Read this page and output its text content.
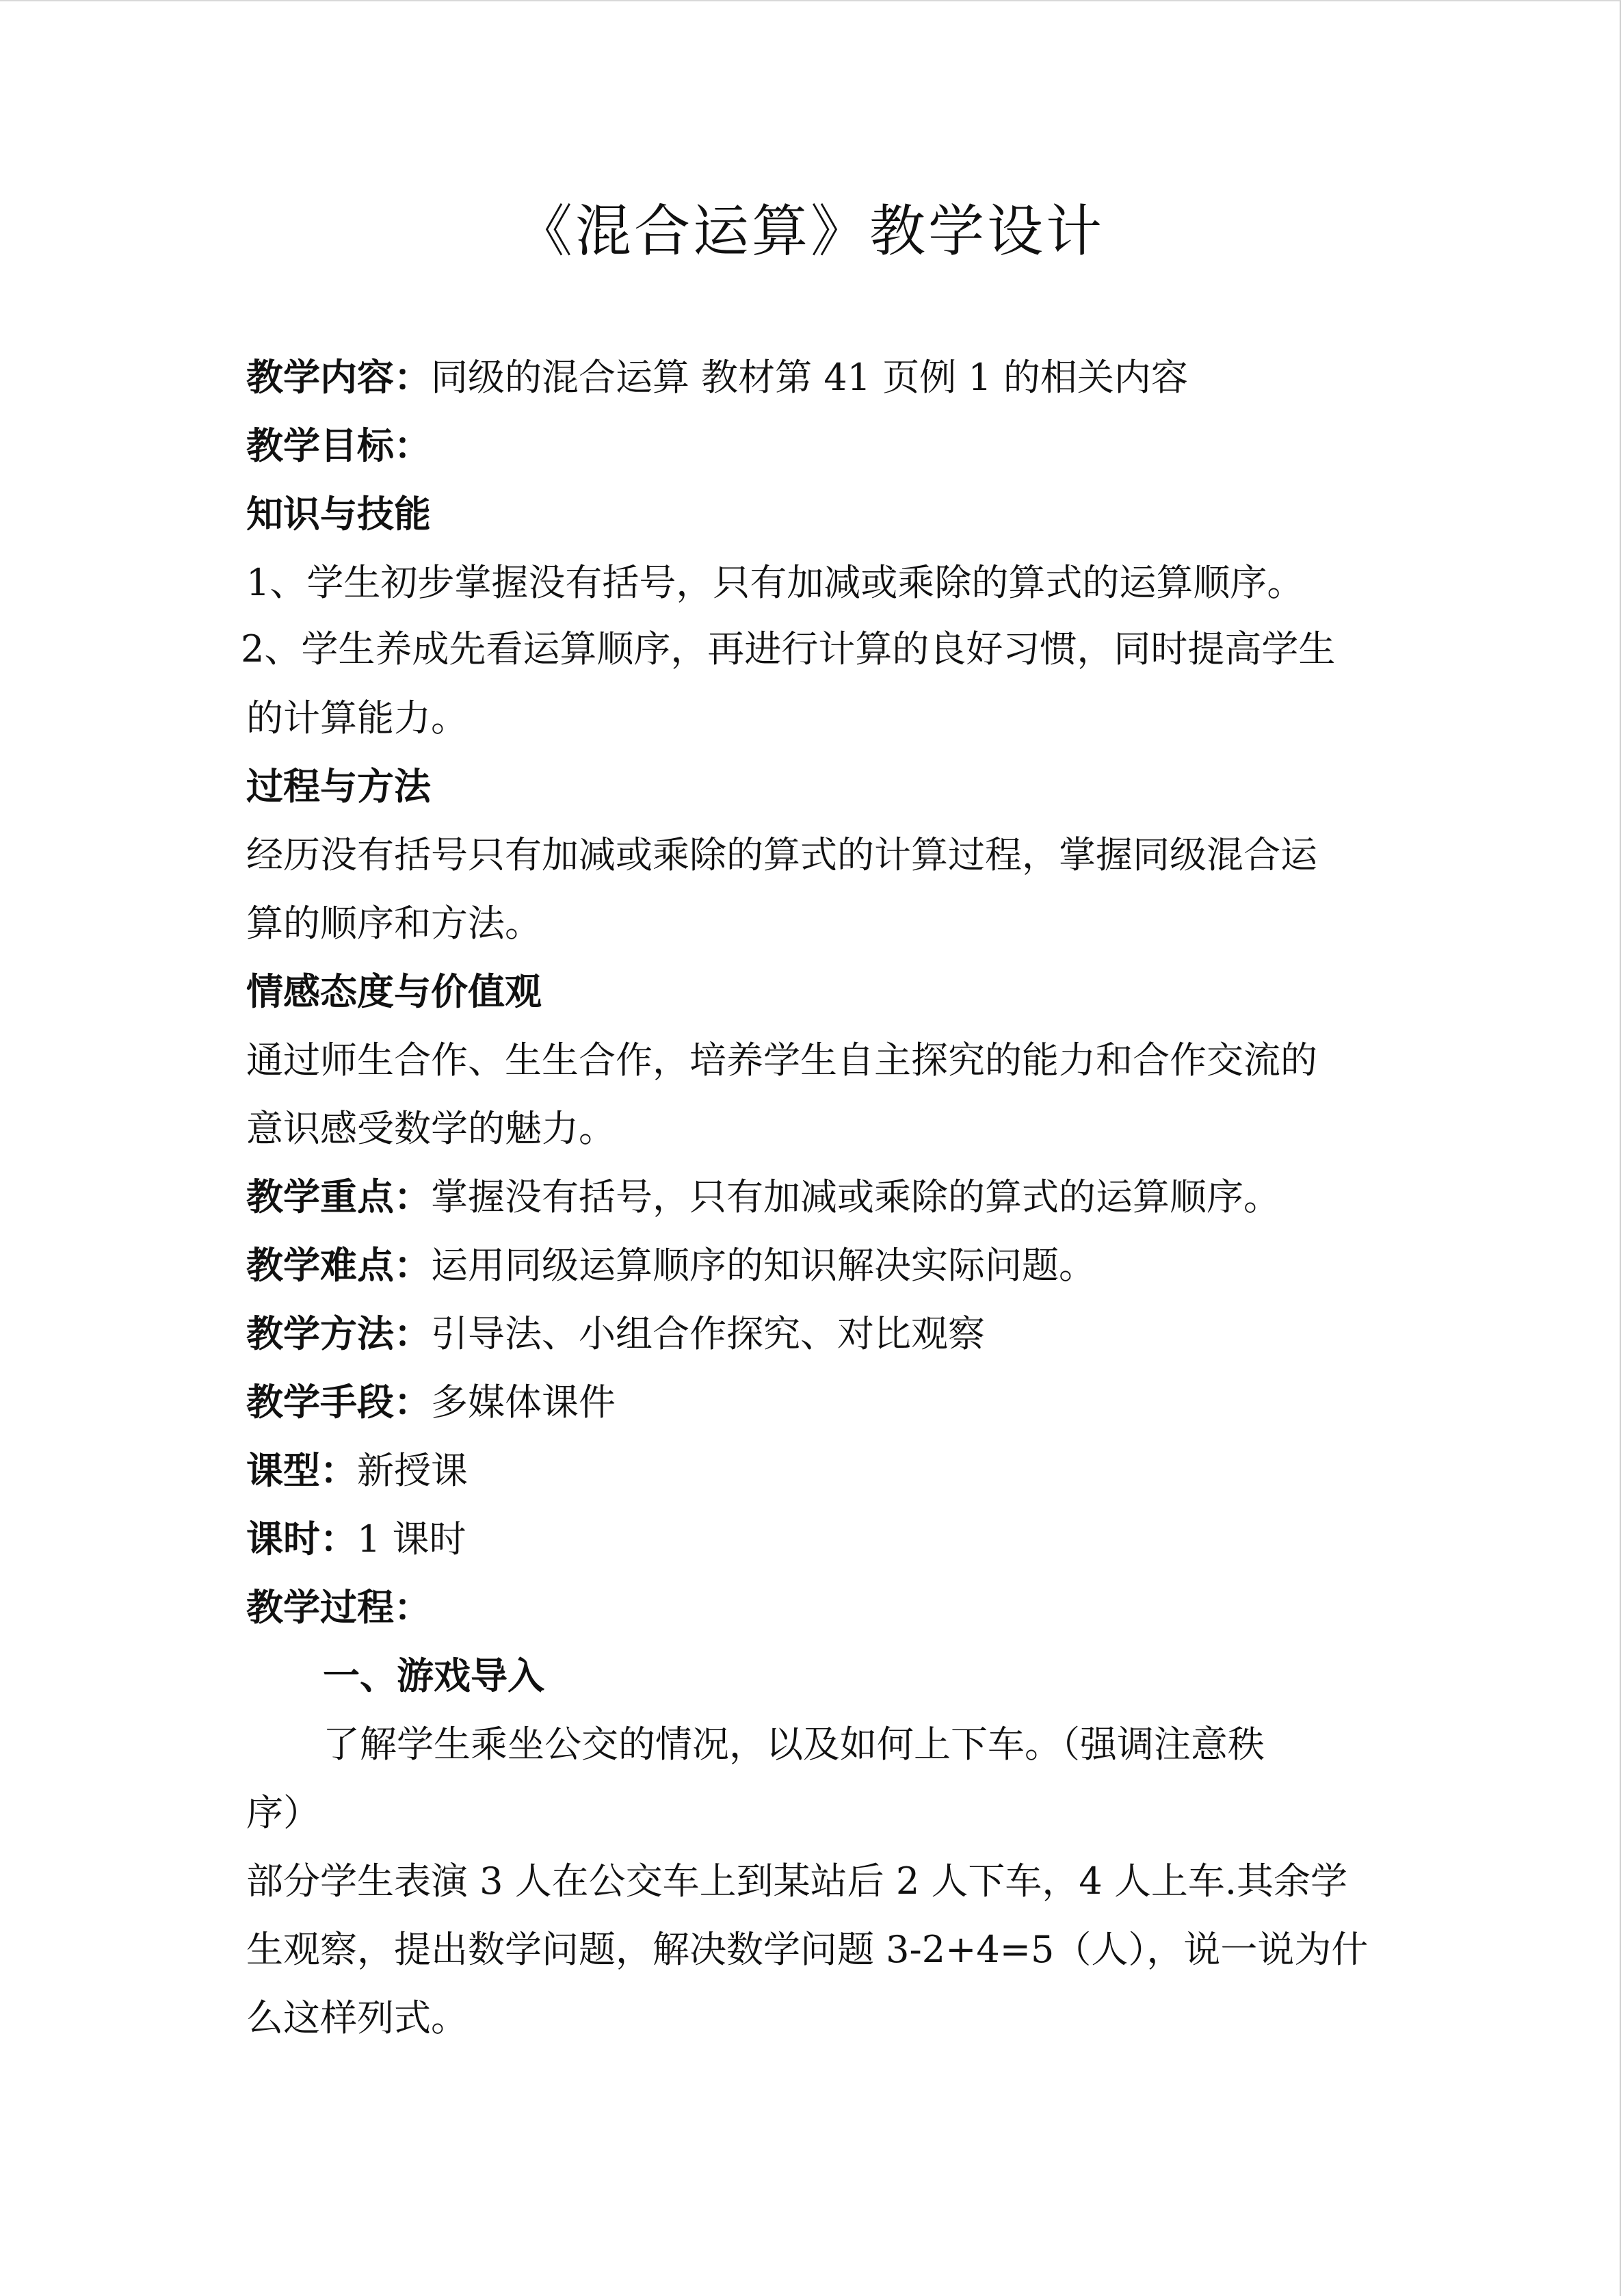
《混合运算》教学设计
教学内容：同级的混合运算 教材第 41 页例 1 的相关内容
教学目标：
知识与技能
1、学生初步掌握没有括号，只有加减或乘除的算式的运算顺序。
2、学生养成先看运算顺序，再进行计算的良好习惯，同时提高学生
的计算能力。
过程与方法
经历没有括号只有加减或乘除的算式的计算过程，掌握同级混合运
算的顺序和方法。
情感态度与价值观
通过师生合作、生生合作，培养学生自主探究的能力和合作交流的
意识感受数学的魅力。
教学重点：掌握没有括号，只有加减或乘除的算式的运算顺序。
教学难点：运用同级运算顺序的知识解决实际问题。
教学方法：引导法、小组合作探究、对比观察
教学手段：多媒体课件
课型：新授课
课时：1 课时
教学过程：
一、游戏导入
了解学生乘坐公交的情况，以及如何上下车。（强调注意秩
序）
部分学生表演 3 人在公交车上到某站后 2 人下车，4 人上车.其余学
生观察，提出数学问题，解决数学问题 3-2+4=5（人），说一说为什
么这样列式。
